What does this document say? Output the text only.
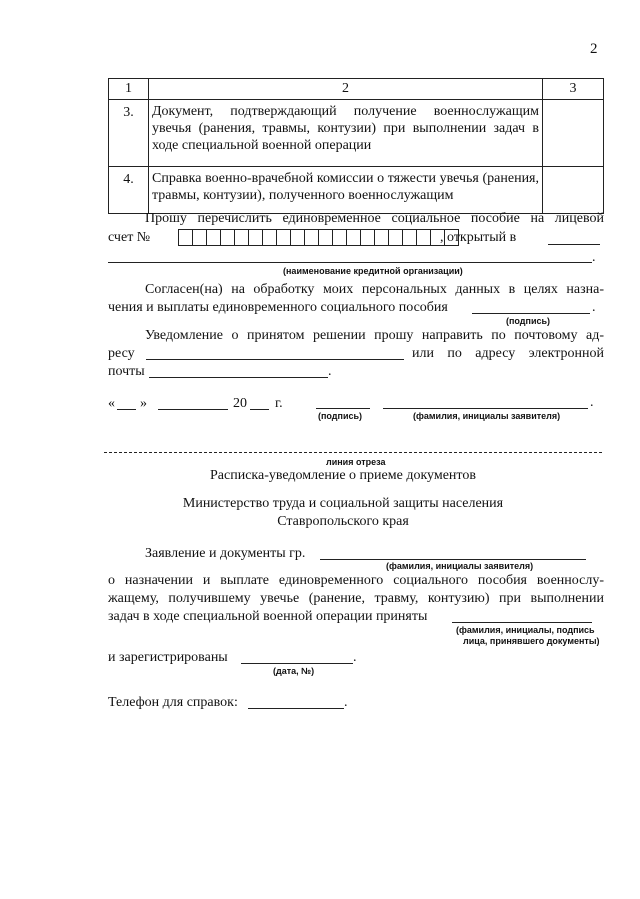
2
1	2	3
3.	Документ, подтверждающий получение военнослужащим увечья (ранения, травмы, контузии) при выполнении задач в ходе специальной военной операции	

4.	Справка военно-врачебной комиссии о тяжести увечья (ранения, травмы, контузии), полученного военнослужащим	

Прошу перечислить единовременное социальное пособие на лицевой
счет №	, открытый в
.
(наименование кредитной организации)
Согласен(на) на обработку моих персональных данных в целях назна-
чения и выплаты единовременного социального пособия	.
(подпись)
Уведомление о принятом решении прошу направить по почтовому ад-
ресу	или по адресу электронной
почты	.
« »	20 г.
(подпись)
.
(фамилия, инициалы заявителя)
линия отреза
Расписка-уведомление о приеме документов
Министерство труда и социальной защиты населения
Ставропольского края
Заявление и документы гр.
(фамилия, инициалы заявителя)
о назначении и выплате единовременного социального пособия военнослу-
жащему, получившему увечье (ранение, травму, контузию) при выполнении
задач в ходе специальной военной операции приняты
(фамилия, инициалы, подпись
лица, принявшего документы)
и зарегистрированы	.
(дата, №)
Телефон для справок:	.
